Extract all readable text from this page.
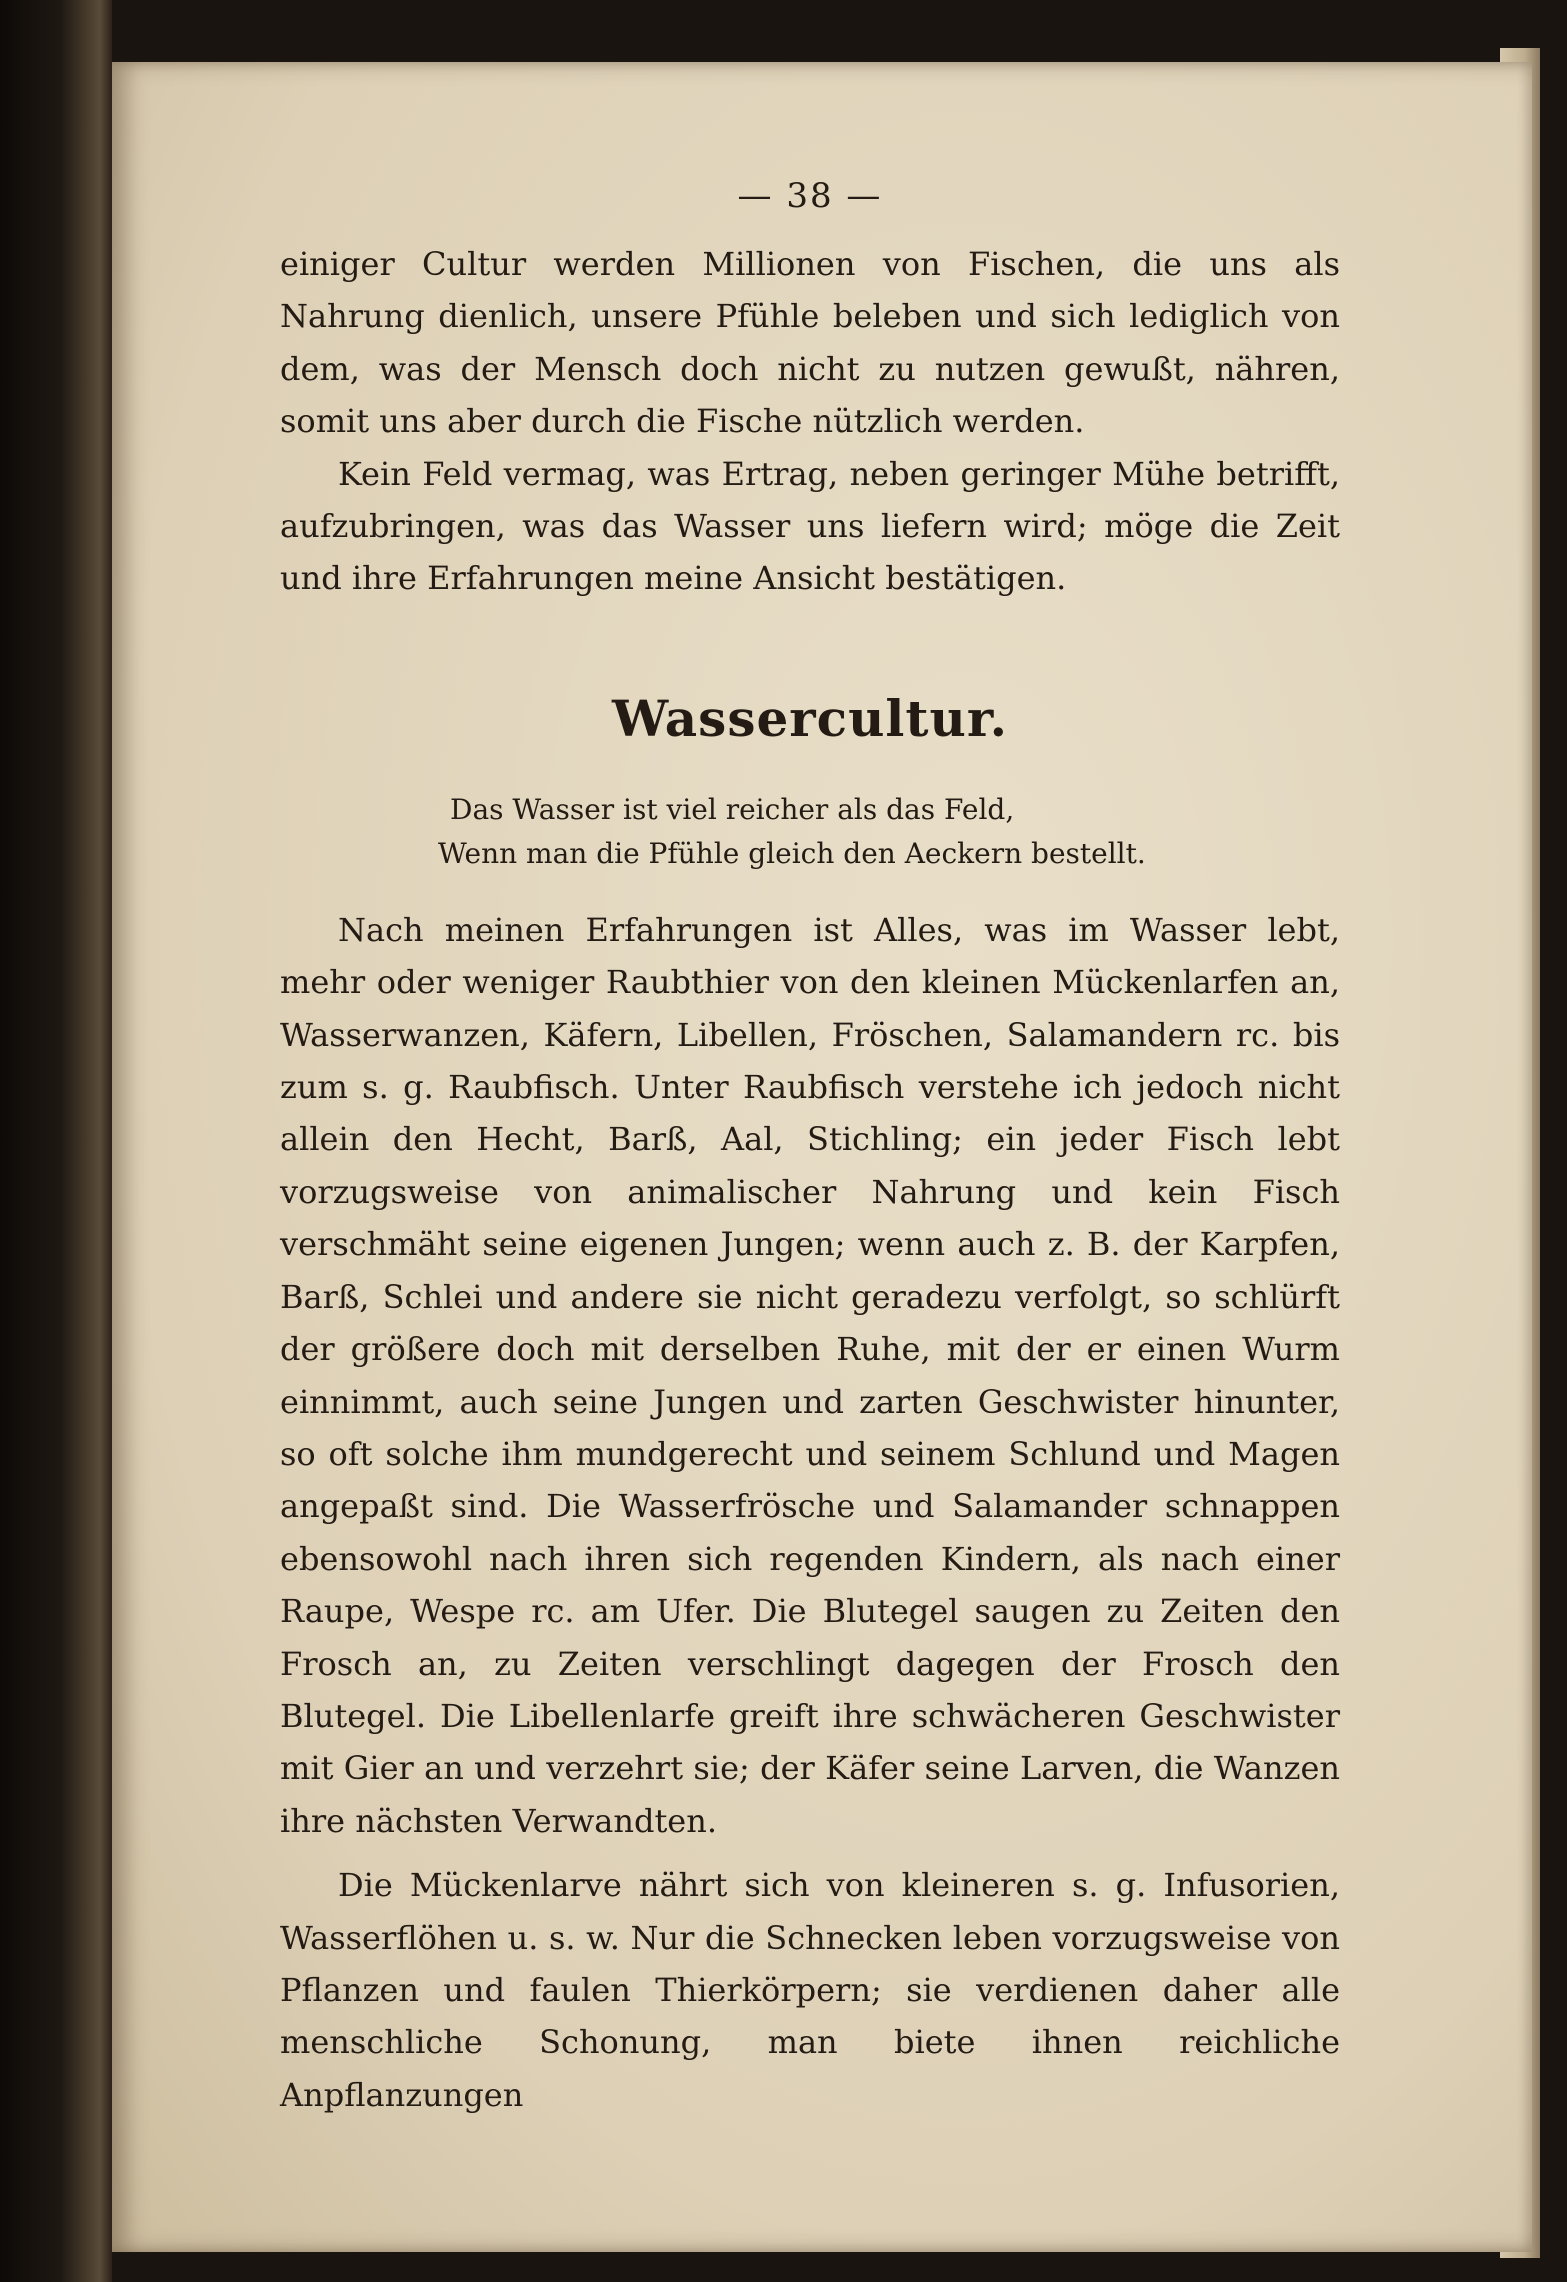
— 38 —

einiger Cultur werden Millionen von Fischen, die uns als Nahrung dienlich, unsere Pfühle beleben und sich lediglich von dem, was der Mensch doch nicht zu nutzen gewußt, nähren, somit uns aber durch die Fische nützlich werden.

Kein Feld vermag, was Ertrag, neben geringer Mühe betrifft, aufzubringen, was das Wasser uns liefern wird; möge die Zeit und ihre Erfahrungen meine Ansicht bestätigen.

Wassercultur.
Das Wasser ist viel reicher als das Feld,
Wenn man die Pfühle gleich den Aeckern bestellt.

Nach meinen Erfahrungen ist Alles, was im Wasser lebt, mehr oder weniger Raubthier von den kleinen Mückenlarfen an, Wasserwanzen, Käfern, Libellen, Fröschen, Salamandern rc. bis zum s. g. Raubfisch. Unter Raubfisch verstehe ich jedoch nicht allein den Hecht, Barß, Aal, Stichling; ein jeder Fisch lebt vorzugsweise von animalischer Nahrung und kein Fisch verschmäht seine eigenen Jungen; wenn auch z. B. der Karpfen, Barß, Schlei und andere sie nicht geradezu verfolgt, so schlürft der größere doch mit derselben Ruhe, mit der er einen Wurm einnimmt, auch seine Jungen und zarten Geschwister hinunter, so oft solche ihm mundgerecht und seinem Schlund und Magen angepaßt sind. Die Wasserfrösche und Salamander schnappen ebensowohl nach ihren sich regenden Kindern, als nach einer Raupe, Wespe rc. am Ufer. Die Blutegel saugen zu Zeiten den Frosch an, zu Zeiten verschlingt dagegen der Frosch den Blutegel. Die Libellenlarfe greift ihre schwächeren Geschwister mit Gier an und verzehrt sie; der Käfer seine Larven, die Wanzen ihre nächsten Verwandten.

Die Mückenlarve nährt sich von kleineren s. g. Infusorien, Wasserflöhen u. s. w. Nur die Schnecken leben vorzugsweise von Pflanzen und faulen Thierkörpern; sie verdienen daher alle menschliche Schonung, man biete ihnen reichliche Anpflanzungen
